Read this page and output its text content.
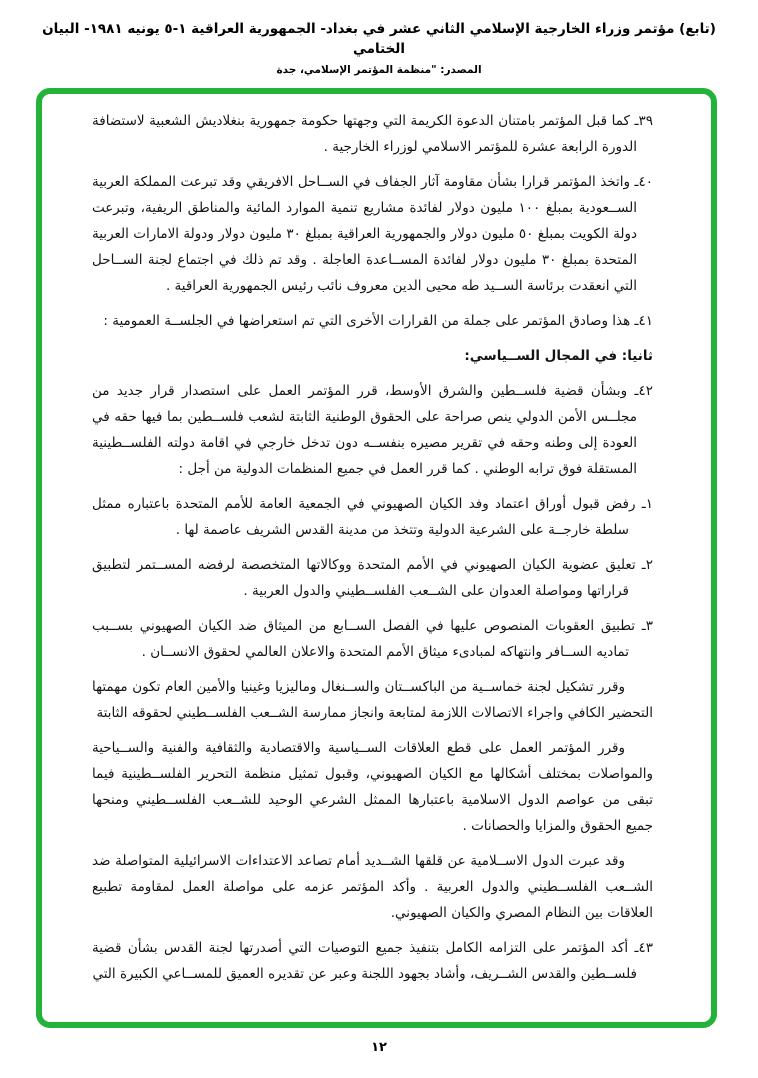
(تابع) مؤتمر وزراء الخارجية الإسلامي الثاني عشر في بغداد- الجمهورية العراقية ١-٥ يونيه ١٩٨١- البيان الختامي
المصدر: "منظمة المؤتمر الإسلامي، جدة

٣٩ـ كما قبل المؤتمر بامتنان الدعوة الكريمة التي وجهتها حكومة جمهورية بنغلاديش الشعبية لاستضافة الدورة الرابعة عشرة للمؤتمر الاسلامي لوزراء الخارجية .

٤٠ـ واتخذ المؤتمر قرارا بشأن مقاومة آثار الجفاف في الســاحل الافريقي وقد تبرعت المملكة العربية الســعودية بمبلغ ١٠٠ مليون دولار لفائدة مشاريع تنمية الموارد المائية والمناطق الريفية، وتبرعت دولة الكويت بمبلغ ٥٠ مليون دولار والجمهورية العراقية بمبلغ ٣٠ مليون دولار ودولة الامارات العربية المتحدة بمبلغ ٣٠ مليون دولار لفائدة المســاعدة العاجلة . وقد تم ذلك في اجتماع لجنة الســاحل التي انعقدت برئاسة الســيد طه محيى الدين معروف نائب رئيس الجمهورية العراقية .

٤١ـ هذا وصادق المؤتمر على جملة من القرارات الأخرى التي تم استعراضها في الجلســة العمومية :

ثانيا: في المجال الســياسي:

٤٢ـ وبشأن قضية فلســطين والشرق الأوسط، قرر المؤتمر العمل على استصدار قرار جديد من مجلــس الأمن الدولي ينص صراحة على الحقوق الوطنية الثابتة لشعب فلســطين بما فيها حقه في العودة إلى وطنه وحقه في تقرير مصيره بنفســه دون تدخل خارجي في اقامة دولته الفلســطينية المستقلة فوق ترابه الوطني . كما قرر العمل في جميع المنظمات الدولية من أجل :

١ـ رفض قبول أوراق اعتماد وفد الكيان الصهيوني في الجمعية العامة للأمم المتحدة باعتباره ممثل سلطة خارجــة على الشرعية الدولية وتتخذ من مدينة القدس الشريف عاصمة لها .

٢ـ تعليق عضوية الكيان الصهيوني في الأمم المتحدة ووكالاتها المتخصصة لرفضه المســتمر لتطبيق قراراتها ومواصلة العدوان على الشــعب الفلســطيني والدول العربية .

٣ـ تطبيق العقوبات المنصوص عليها في الفصل الســابع من الميثاق ضد الكيان الصهيوني بســبب تماديه الســافر وانتهاكه لمبادىء ميثاق الأمم المتحدة والاعلان العالمي لحقوق الانســان .

وقرر تشكيل لجنة خماســية من الباكســتان والســنغال وماليزيا وغينيا والأمين العام تكون مهمتها التحضير الكافي واجراء الاتصالات اللازمة لمتابعة وانجاز ممارسة الشــعب الفلســطيني لحقوقه الثابتة

وقرر المؤتمر العمل على قطع العلاقات الســياسية والاقتصادية والثقافية والفنية والســياحية والمواصلات بمختلف أشكالها مع الكيان الصهيوني، وقبول تمثيل منظمة التحرير الفلســطينية فيما تبقى من عواصم الدول الاسلامية باعتبارها الممثل الشرعي الوحيد للشــعب الفلســطيني ومنحها جميع الحقوق والمزايا والحصانات .

وقد عبرت الدول الاســلامية عن قلقها الشــديد أمام تصاعد الاعتداءات الاسرائيلية المتواصلة ضد الشــعب الفلســطيني والدول العربية . وأكد المؤتمر عزمه على مواصلة العمل لمقاومة تطبيع العلاقات بين النظام المصري والكيان الصهيوني.

٤٣ـ أكد المؤتمر على التزامه الكامل بتنفيذ جميع التوصيات التي أصدرتها لجنة القدس بشأن قضية فلســطين والقدس الشــريف، وأشاد بجهود اللجنة وعبر عن تقديره العميق للمســاعي الكبيرة التي

١٢
